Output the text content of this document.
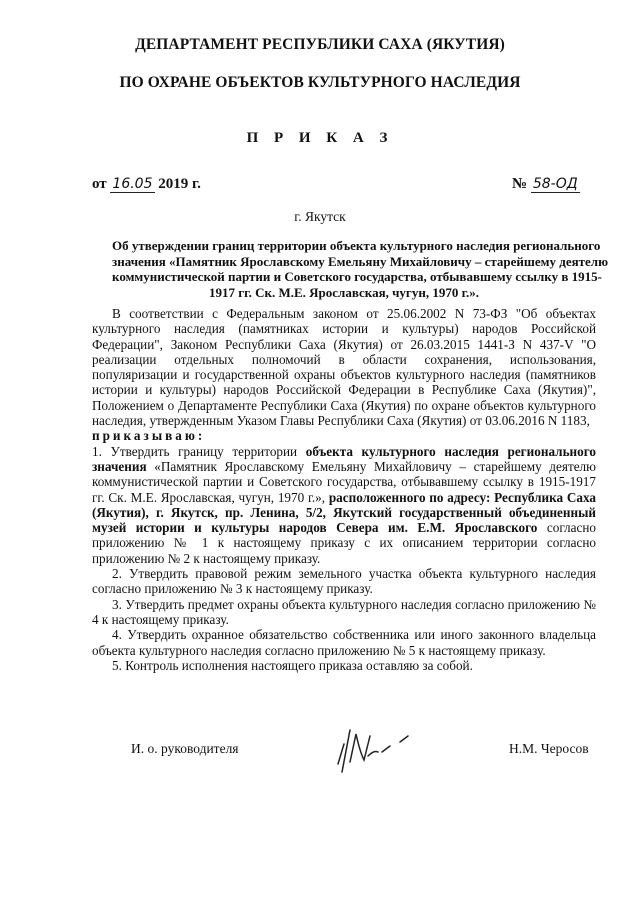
ДЕПАРТАМЕНТ РЕСПУБЛИКИ САХА (ЯКУТИЯ)
ПО ОХРАНЕ ОБЪЕКТОВ КУЛЬТУРНОГО НАСЛЕДИЯ
П Р И К А З
от 16.05 2019 г.	№ 58-ОД
г. Якутск
Об утверждении границ территории объекта культурного наследия регионального
значения «Памятник Ярославскому Емельяну Михайловичу – старейшему деятелю
коммунистической партии и Советского государства, отбывавшему ссылку в 1915-
1917 гг. Ск. М.Е. Ярославская, чугун, 1970 г.».

В соответствии с Федеральным законом от 25.06.2002 N 73-ФЗ "Об объектах культурного наследия (памятниках истории и культуры) народов Российской Федерации", Законом Республики Саха (Якутия) от 26.03.2015 1441-З N 437-V "О реализации отдельных полномочий в области сохранения, использования, популяризации и государственной охраны объектов культурного наследия (памятников истории и культуры) народов Российской Федерации в Республике Саха (Якутия)", Положением о Департаменте Республики Саха (Якутия) по охране объектов культурного наследия, утвержденным Указом Главы Республики Саха (Якутия) от 03.06.2016 N 1183,

приказываю:

1. Утвердить границу территории объекта культурного наследия регионального значения «Памятник Ярославскому Емельяну Михайловичу – старейшему деятелю коммунистической партии и Советского государства, отбывавшему ссылку в 1915-1917 гг. Ск. М.Е. Ярославская, чугун, 1970 г.», расположенного по адресу: Республика Саха (Якутия), г. Якутск, пр. Ленина, 5/2, Якутский государственный объединенный музей истории и культуры народов Севера им. Е.М. Ярославского согласно приложению № 1 к настоящему приказу с их описанием территории согласно приложению № 2 к настоящему приказу.

2. Утвердить правовой режим земельного участка объекта культурного наследия согласно приложению № 3 к настоящему приказу.

3. Утвердить предмет охраны объекта культурного наследия согласно приложению № 4 к настоящему приказу.

4. Утвердить охранное обязательство собственника или иного законного владельца объекта культурного наследия согласно приложению № 5 к настоящему приказу.

5. Контроль исполнения настоящего приказа оставляю за собой.

И. о. руководителя	Н.М. Черосов
